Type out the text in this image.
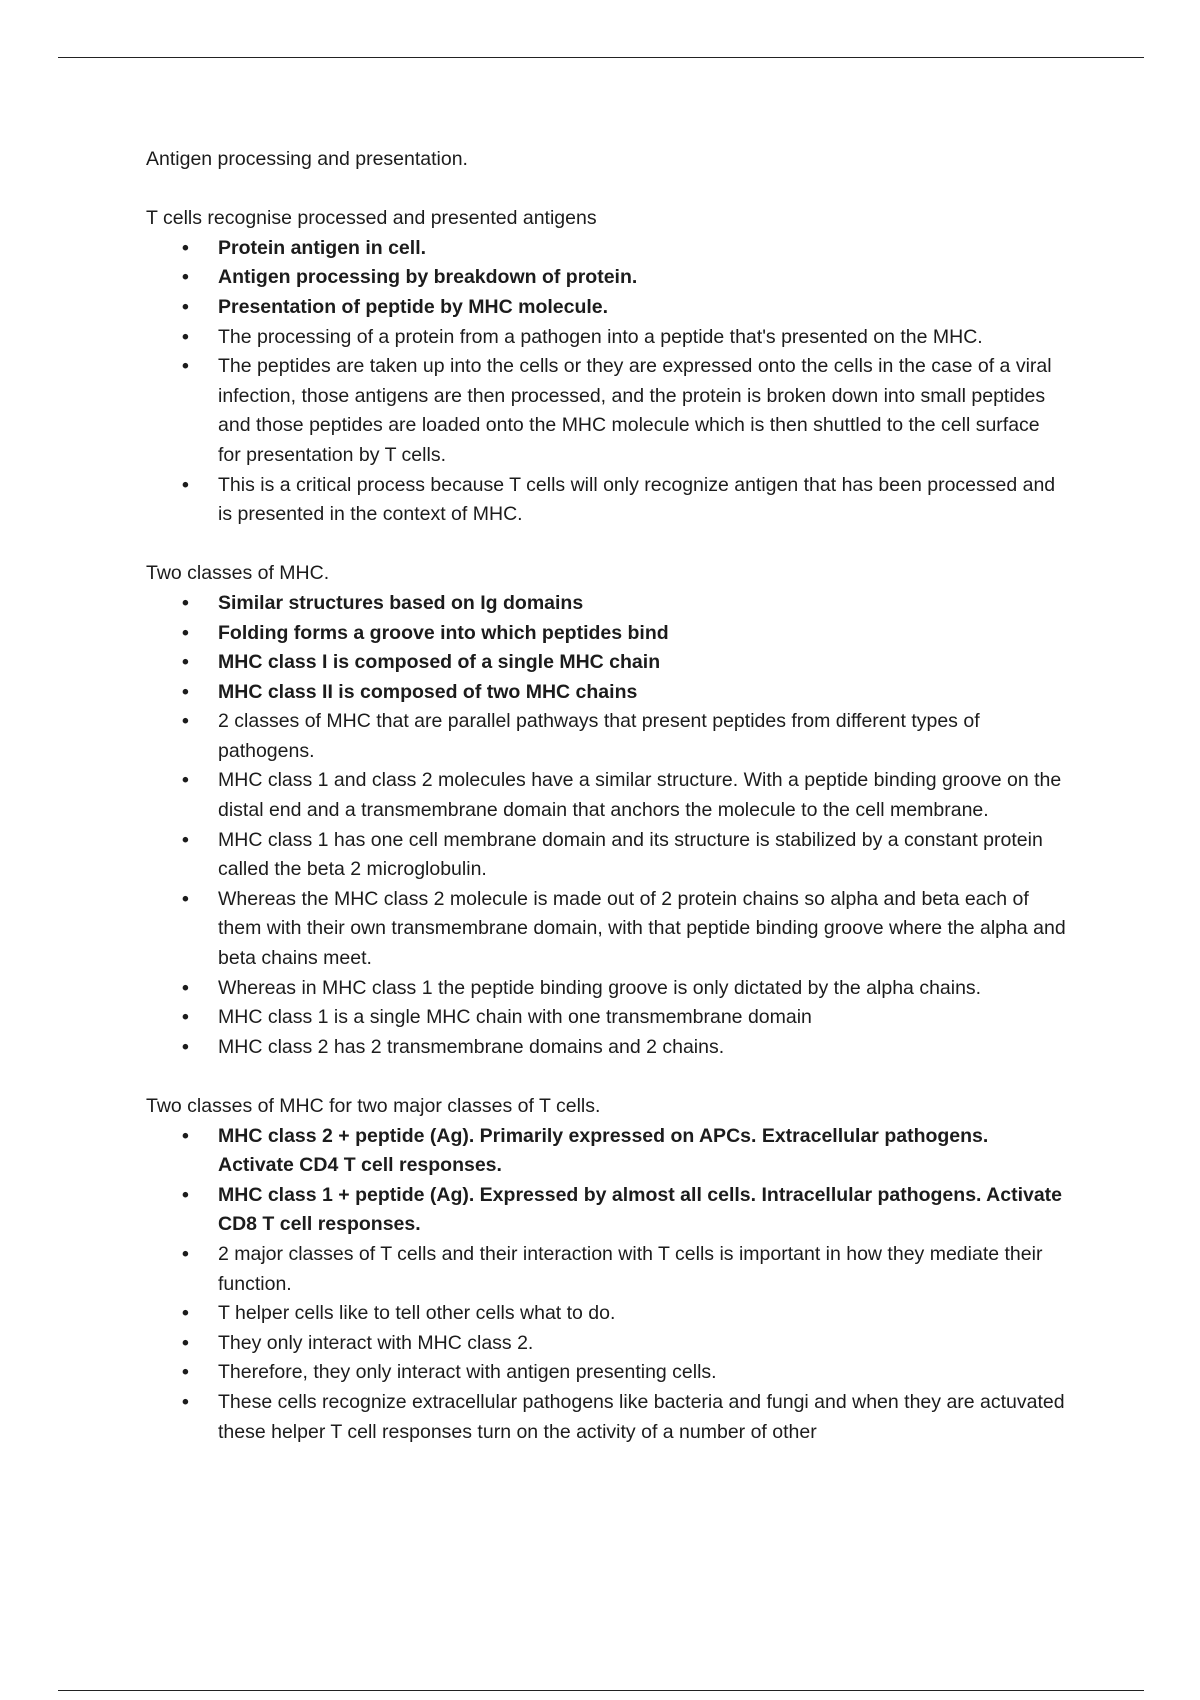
Antigen processing and presentation.

T cells recognise processed and presented antigens

• Protein antigen in cell.
• Antigen processing by breakdown of protein.
• Presentation of peptide by MHC molecule.
• The processing of a protein from a pathogen into a peptide that's presented on the MHC.
• The peptides are taken up into the cells or they are expressed onto the cells in the case of a viral infection, those antigens are then processed, and the protein is broken down into small peptides and those peptides are loaded onto the MHC molecule which is then shuttled to the cell surface for presentation by T cells.
• This is a critical process because T cells will only recognize antigen that has been processed and is presented in the context of MHC.

Two classes of MHC.

• Similar structures based on Ig domains
• Folding forms a groove into which peptides bind
• MHC class I is composed of a single MHC chain
• MHC class II is composed of two MHC chains
• 2 classes of MHC that are parallel pathways that present peptides from different types of pathogens.
• MHC class 1 and class 2 molecules have a similar structure. With a peptide binding groove on the distal end and a transmembrane domain that anchors the molecule to the cell membrane.
• MHC class 1 has one cell membrane domain and its structure is stabilized by a constant protein called the beta 2 microglobulin.
• Whereas the MHC class 2 molecule is made out of 2 protein chains so alpha and beta each of them with their own transmembrane domain, with that peptide binding groove where the alpha and beta chains meet.
• Whereas in MHC class 1 the peptide binding groove is only dictated by the alpha chains.
• MHC class 1 is a single MHC chain with one transmembrane domain
• MHC class 2 has 2 transmembrane domains and 2 chains.

Two classes of MHC for two major classes of T cells.

• MHC class 2 + peptide (Ag). Primarily expressed on APCs. Extracellular pathogens. Activate CD4 T cell responses.
• MHC class 1 + peptide (Ag). Expressed by almost all cells. Intracellular pathogens. Activate CD8 T cell responses.
• 2 major classes of T cells and their interaction with T cells is important in how they mediate their function.
• T helper cells like to tell other cells what to do.
• They only interact with MHC class 2.
• Therefore, they only interact with antigen presenting cells.
• These cells recognize extracellular pathogens like bacteria and fungi and when they are actuvated these helper T cell responses turn on the activity of a number of other
